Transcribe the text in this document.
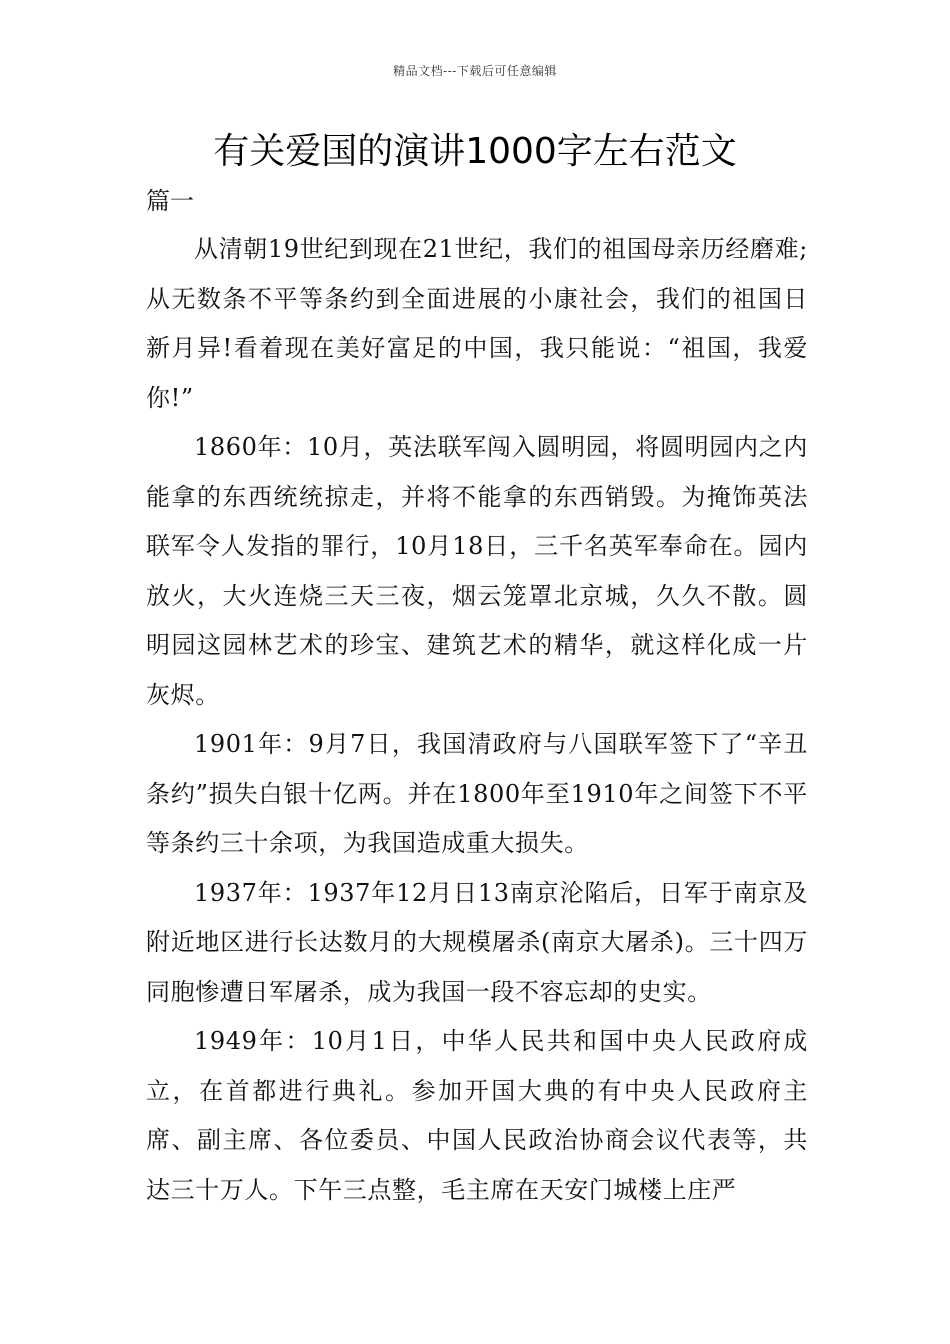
精品文档---下载后可任意编辑
有关爱国的演讲1000字左右范文
篇一

从清朝19世纪到现在21世纪，我们的祖国母亲历经磨难;从无数条不平等条约到全面进展的小康社会，我们的祖国日新月异!看着现在美好富足的中国，我只能说：“祖国，我爱你!”

1860年：10月，英法联军闯入圆明园，将圆明园内之内能拿的东西统统掠走，并将不能拿的东西销毁。为掩饰英法联军令人发指的罪行，10月18日，三千名英军奉命在。园内放火，大火连烧三天三夜，烟云笼罩北京城，久久不散。圆明园这园林艺术的珍宝、建筑艺术的精华，就这样化成一片灰烬。

1901年：9月7日，我国清政府与八国联军签下了“辛丑条约”损失白银十亿两。并在1800年至1910年之间签下不平等条约三十余项，为我国造成重大损失。

1937年：1937年12月日13南京沦陷后，日军于南京及附近地区进行长达数月的大规模屠杀(南京大屠杀)。三十四万同胞惨遭日军屠杀，成为我国一段不容忘却的史实。

1949年：10月1日，中华人民共和国中央人民政府成立，在首都进行典礼。参加开国大典的有中央人民政府主席、副主席、各位委员、中国人民政治协商会议代表等，共达三十万人。下午三点整，毛主席在天安门城楼上庄严
